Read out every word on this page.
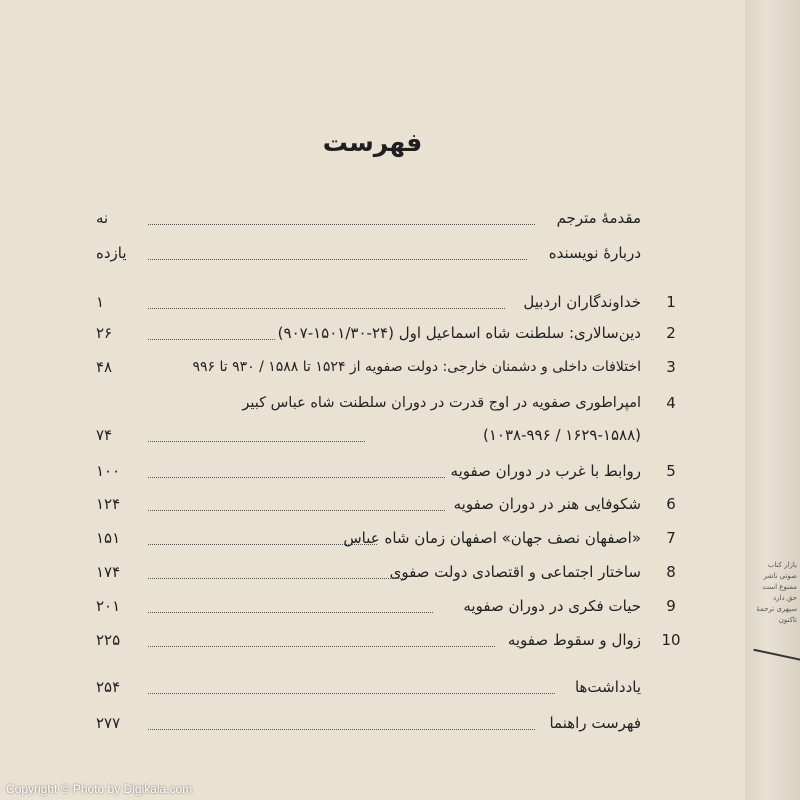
فهرست
مقدمهٔ مترجم
نه
دربارهٔ نویسنده
یازده
1
خداوندگاران اردبیل
۱
2
دین‌سالاری: سلطنت شاه اسماعیل اول (۲۴-۱۵۰۱/۳۰-۹۰۷)
۲۶
3
اختلافات داخلی و دشمنان خارجی: دولت صفویه از ۱۵۲۴ تا ۱۵۸۸ / ۹۳۰ تا ۹۹۶
۴۸
4
امپراطوری صفویه در اوج قدرت در دوران سلطنت شاه عباس کبیر
(۱۶۲۹-۱۵۸۸ / ۱۰۳۸-۹۹۶)
۷۴
5
روابط با غرب در دوران صفویه
۱۰۰
6
شکوفایی هنر در دوران صفویه
۱۲۴
7
«اصفهان نصف جهان» اصفهان زمان شاه عباس
۱۵۱
8
ساختار اجتماعی و اقتصادی دولت صفوی
۱۷۴
9
حیات فکری در دوران صفویه
۲۰۱
10
زوال و سقوط صفویه
۲۲۵
یادداشت‌ها
۲۵۴
فهرست راهنما
۲۷۷
بازار کتاب صوتی ناشر ممنوع است حق دارد سپهری ترجمهٔ تاکنون
Copyright © Photo by Digikala.com
